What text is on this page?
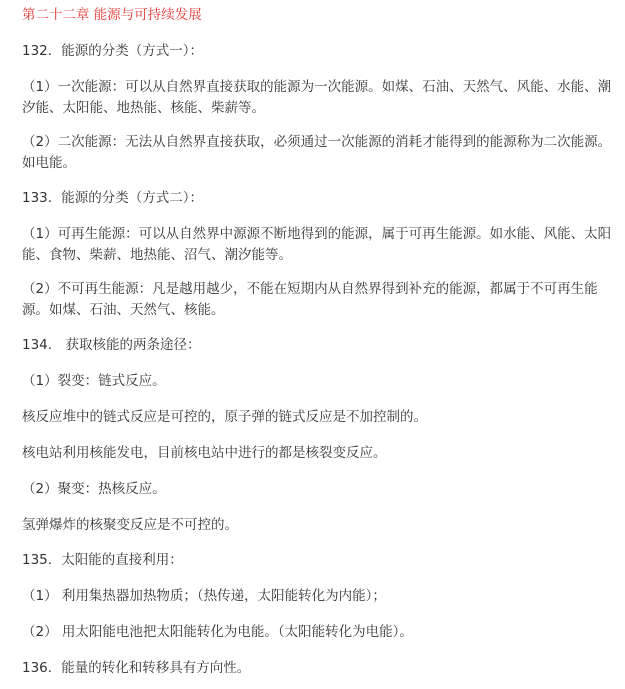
第二十二章 能源与可持续发展

132．能源的分类（方式一）：

（1）一次能源：可以从自然界直接获取的能源为一次能源。如煤、石油、天然气、风能、水能、潮汐能、太阳能、地热能、核能、柴薪等。

（2）二次能源：无法从自然界直接获取，必须通过一次能源的消耗才能得到的能源称为二次能源。如电能。

133．能源的分类（方式二）：

（1）可再生能源：可以从自然界中源源不断地得到的能源，属于可再生能源。如水能、风能、太阳能、食物、柴薪、地热能、沼气、潮汐能等。

（2）不可再生能源：凡是越用越少，不能在短期内从自然界得到补充的能源，都属于不可再生能源。如煤、石油、天然气、核能。

134． 获取核能的两条途径：

（1）裂变：链式反应。

核反应堆中的链式反应是可控的，原子弹的链式反应是不加控制的。

核电站利用核能发电，目前核电站中进行的都是核裂变反应。

（2）聚变：热核反应。

氢弹爆炸的核聚变反应是不可控的。

135．太阳能的直接利用：

（1） 利用集热器加热物质；（热传递，太阳能转化为内能）；

（2） 用太阳能电池把太阳能转化为电能。（太阳能转化为电能）。

136．能量的转化和转移具有方向性。
